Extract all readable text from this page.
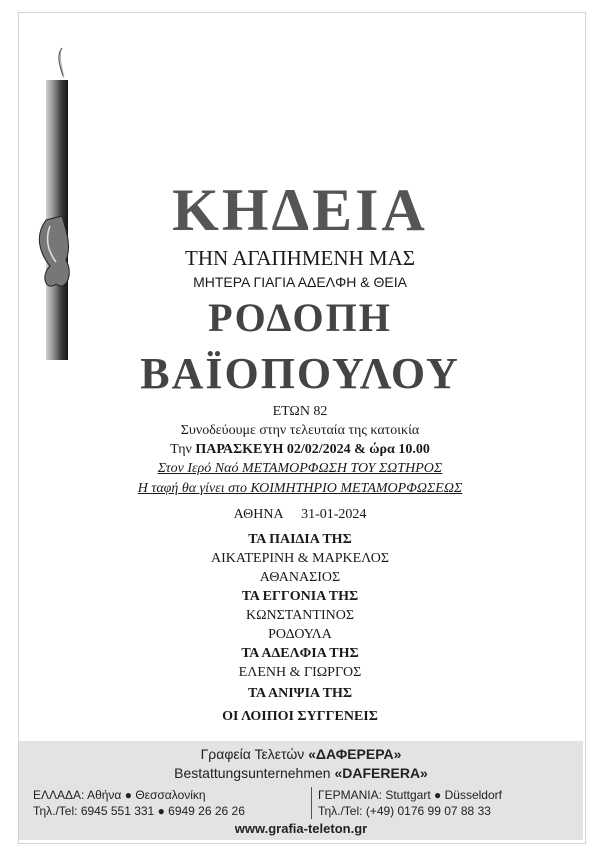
ΚΗΔΕΙΑ
ΤΗΝ ΑΓΑΠΗΜΕΝΗ ΜΑΣ
ΜΗΤΕΡΑ ΓΙΑΓΙΑ ΑΔΕΛΦΗ & ΘΕΙΑ
ΡΟΔΟΠΗ
ΒΑΪΟΠΟΥΛΟΥ
ΕΤΩΝ 82
Συνοδεύουμε στην τελευταία της κατοικία
Την ΠΑΡΑΣΚΕΥΗ 02/02/2024 & ώρα 10.00
Στον Ιερό Ναό ΜΕΤΑΜΟΡΦΩΣΗ ΤΟΥ ΣΩΤΗΡΟΣ
Η ταφή θα γίνει στο ΚΟΙΜΗΤΗΡΙΟ ΜΕΤΑΜΟΡΦΩΣΕΩΣ
ΑΘΗΝΑ 31-01-2024
ΤΑ ΠΑΙΔΙΑ ΤΗΣ
ΑΙΚΑΤΕΡΙΝΗ & ΜΑΡΚΕΛΟΣ
ΑΘΑΝΑΣΙΟΣ
ΤΑ ΕΓΓΟΝΙΑ ΤΗΣ
ΚΩΝΣΤΑΝΤΙΝΟΣ
ΡΟΔΟΥΛΑ
ΤΑ ΑΔΕΛΦΙΑ ΤΗΣ
ΕΛΕΝΗ & ΓΙΩΡΓΟΣ
ΤΑ ΑΝΙΨΙΑ ΤΗΣ
ΟΙ ΛΟΙΠΟΙ ΣΥΓΓΕΝΕΙΣ
Γραφεία Τελετών «ΔΑΦΕΡΕΡΑ»
Bestattungsunternehmen «DAFERERA»
ΕΛΛΑΔΑ: Αθήνα ● Θεσσαλονίκη
Τηλ./Tel: 6945 551 331 ● 6949 26 26 26
ΓΕΡΜΑΝΙΑ: Stuttgart ● Düsseldorf
Τηλ./Tel: (+49) 0176 99 07 88 33
www.grafia-teleton.gr
